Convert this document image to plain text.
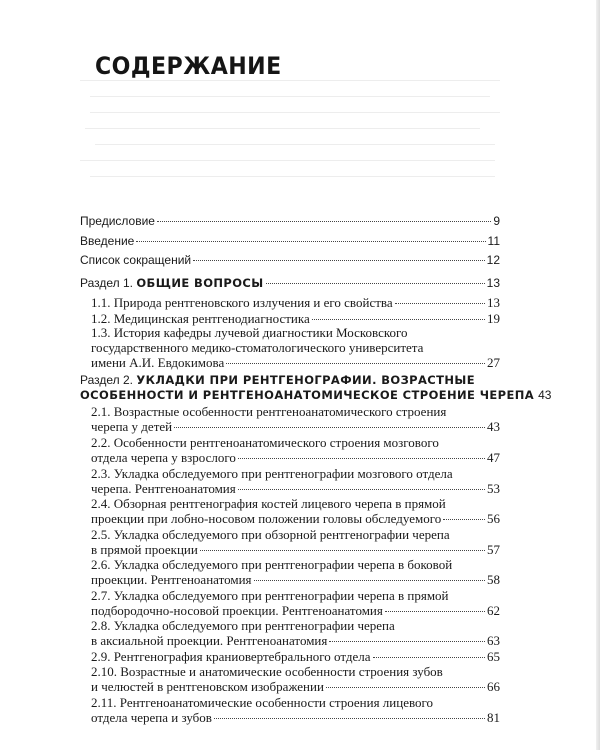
СОДЕРЖАНИЕ
Предисловие	9
Введение	11
Список сокращений	12
Раздел 1.
ОБЩИЕ ВОПРОСЫ	13
1.1. Природа рентгеновского излучения и его свойства	13
1.2. Медицинская рентгенодиагностика	19
1.3. История кафедры лучевой диагностики Московского
государственного медико-стоматологического университета
имени А.И. Евдокимова	27
Раздел 2.
УКЛАДКИ ПРИ РЕНТГЕНОГРАФИИ. ВОЗРАСТНЫЕ
ОСОБЕННОСТИ И РЕНТГЕНОАНАТОМИЧЕСКОЕ СТРОЕНИЕ ЧЕРЕПА 43
2.1. Возрастные особенности рентгеноанатомического строения
черепа у детей	43
2.2. Особенности рентгеноанатомического строения мозгового
отдела черепа у взрослого	47
2.3. Укладка обследуемого при рентгенографии мозгового отдела
черепа. Рентгеноанатомия	53
2.4. Обзорная рентгенография костей лицевого черепа в прямой
проекции при лобно-носовом положении головы обследуемого	56
2.5. Укладка обследуемого при обзорной рентгенографии черепа
в прямой проекции	57
2.6. Укладка обследуемого при рентгенографии черепа в боковой
проекции. Рентгеноанатомия	58
2.7. Укладка обследуемого при рентгенографии черепа в прямой
подбородочно-носовой проекции. Рентгеноанатомия	62
2.8. Укладка обследуемого при рентгенографии черепа
в аксиальной проекции. Рентгеноанатомия	63
2.9. Рентгенография краниовертебрального отдела	65
2.10. Возрастные и анатомические особенности строения зубов
и челюстей в рентгеновском изображении	66
2.11. Рентгеноанатомические особенности строения лицевого
отдела черепа и зубов	81
